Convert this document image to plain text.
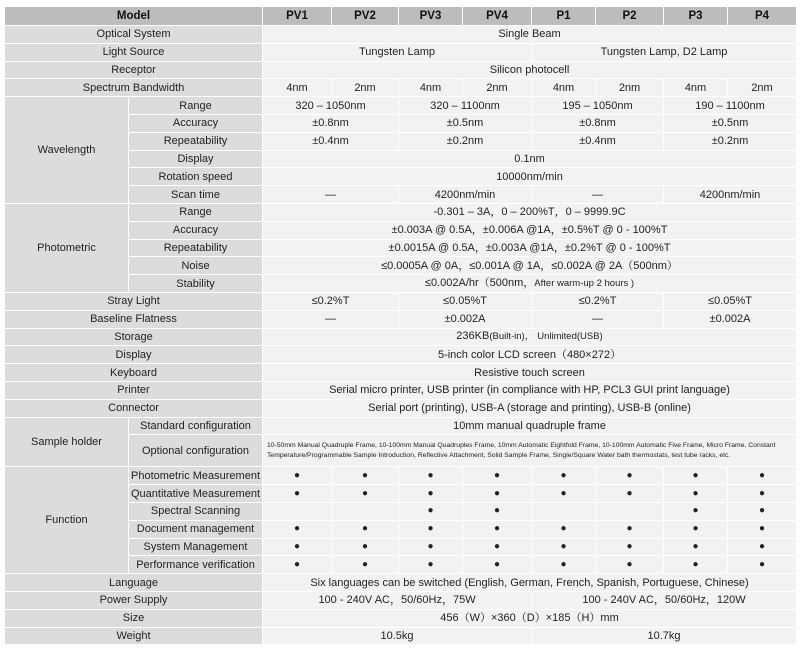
Model		PV1	PV2	PV3	PV4	P1	P2	P3	P4
Optical System		Single Beam							
Light Source		Tungsten Lamp				Tungsten Lamp, D2 Lamp			
Receptor		Silicon photocell							
Spectrum Bandwidth		4nm	2nm	4nm	2nm	4nm	2nm	4nm	2nm
Wavelength	Range	320 – 1050nm		320 – 1100nm		195 – 1050nm		190 – 1100nm	
	Accuracy	±0.8nm		±0.5nm		±0.8nm		±0.5nm	
	Repeatability	±0.4nm		±0.2nm		±0.4nm		±0.2nm	
	Display	0.1nm							
	Rotation speed	10000nm/min							
	Scan time	—		4200nm/min		—		4200nm/min	
Photometric	Range	-0.301 – 3A，0 – 200%T，0 – 9999.9C							
	Accuracy	±0.003A @ 0.5A，±0.006A @1A，±0.5%T @ 0 - 100%T							
	Repeatability	±0.0015A @ 0.5A，±0.003A @1A，±0.2%T @ 0 - 100%T							
	Noise	≤0.0005A @ 0A，≤0.001A @ 1A，≤0.002A @ 2A（500nm）							
	Stability	≤0.002A/hr（500nm，After warm-up 2 hours )							
Stray Light		≤0.2%T		≤0.05%T		≤0.2%T		≤0.05%T	
Baseline Flatness		—		±0.002A		—		±0.002A	
Storage		236KB(Built-in)， Unlimited(USB)							
Display		5-inch color LCD screen（480×272）							
Keyboard		Resistive touch screen							
Printer		Serial micro printer, USB printer (in compliance with HP, PCL3 GUI print language)							
Connector		Serial port (printing), USB-A (storage and printing), USB-B (online)							
Sample holder	Standard configuration	10mm manual quadruple frame							
	Optional configuration	10-50mm Manual Quadruple Frame, 10-100mm Manual Quadruples Frame, 10mm Automatic Eightfold Frame, 10-100mm Automatic Five Frame, Micro Frame, Constant Temperature/Programmable Sample Introduction, Reflective Attachment, Solid Sample Frame, Single/Square Water bath thermostats, test tube racks, etc.							
Function	Photometric Measurement	●	●	●	●	●	●	●	●
	Quantitative Measurement	●	●	●	●	●	●	●	●
	Spectral Scanning			●	●			●	●
	Document management	●	●	●	●	●	●	●	●
	System Management	●	●	●	●	●	●	●	●
	Performance verification	●	●	●	●	●	●	●	●
Language		Six languages can be switched (English, German, French, Spanish, Portuguese, Chinese)							
Power Supply		100 - 240V AC，50/60Hz，75W				100 - 240V AC，50/60Hz，120W			
Size		456（W）×360（D）×185（H）mm							
Weight		10.5kg				10.7kg			
